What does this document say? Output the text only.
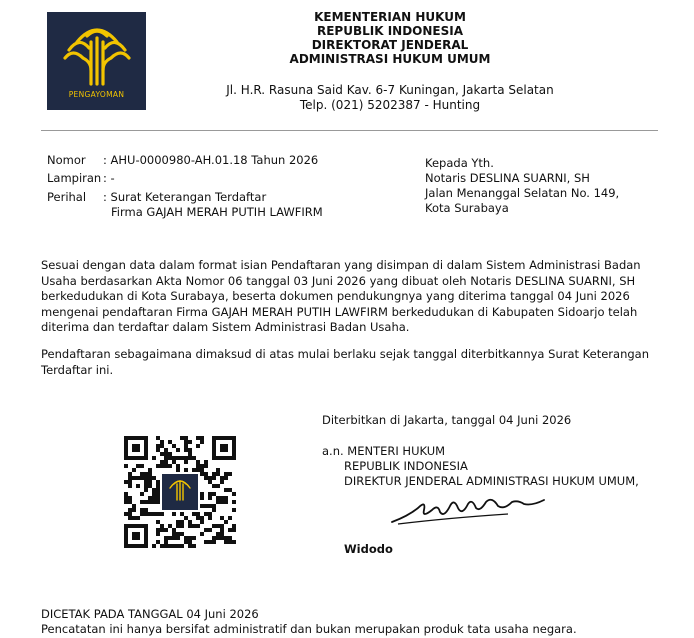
PENGAYOMAN
KEMENTERIAN HUKUM
REPUBLIK INDONESIA
DIREKTORAT JENDERAL
ADMINISTRASI HUKUM UMUM
Jl. H.R. Rasuna Said Kav. 6-7 Kuningan, Jakarta Selatan
Telp. (021) 5202387 - Hunting
Nomor : AHU-0000980-AH.01.18 Tahun 2026
Lampiran : -
Perihal : Surat Keterangan Terdaftar
Firma GAJAH MERAH PUTIH LAWFIRM
Kepada Yth.
Notaris DESLINA SUARNI, SH
Jalan Menanggal Selatan No. 149,
Kota Surabaya
Sesuai dengan data dalam format isian Pendaftaran yang disimpan di dalam Sistem Administrasi Badan
Usaha berdasarkan Akta Nomor 06 tanggal 03 Juni 2026 yang dibuat oleh Notaris DESLINA SUARNI, SH
berkedudukan di Kota Surabaya, beserta dokumen pendukungnya yang diterima tanggal 04 Juni 2026
mengenai pendaftaran Firma GAJAH MERAH PUTIH LAWFIRM berkedudukan di Kabupaten Sidoarjo telah
diterima dan terdaftar dalam Sistem Administrasi Badan Usaha.
Pendaftaran sebagaimana dimaksud di atas mulai berlaku sejak tanggal diterbitkannya Surat Keterangan
Terdaftar ini.
Diterbitkan di Jakarta, tanggal 04 Juni 2026
a.n. MENTERI HUKUM
REPUBLIK INDONESIA
DIREKTUR JENDERAL ADMINISTRASI HUKUM UMUM,
Widodo
DICETAK PADA TANGGAL 04 Juni 2026
Pencatatan ini hanya bersifat administratif dan bukan merupakan produk tata usaha negara.
